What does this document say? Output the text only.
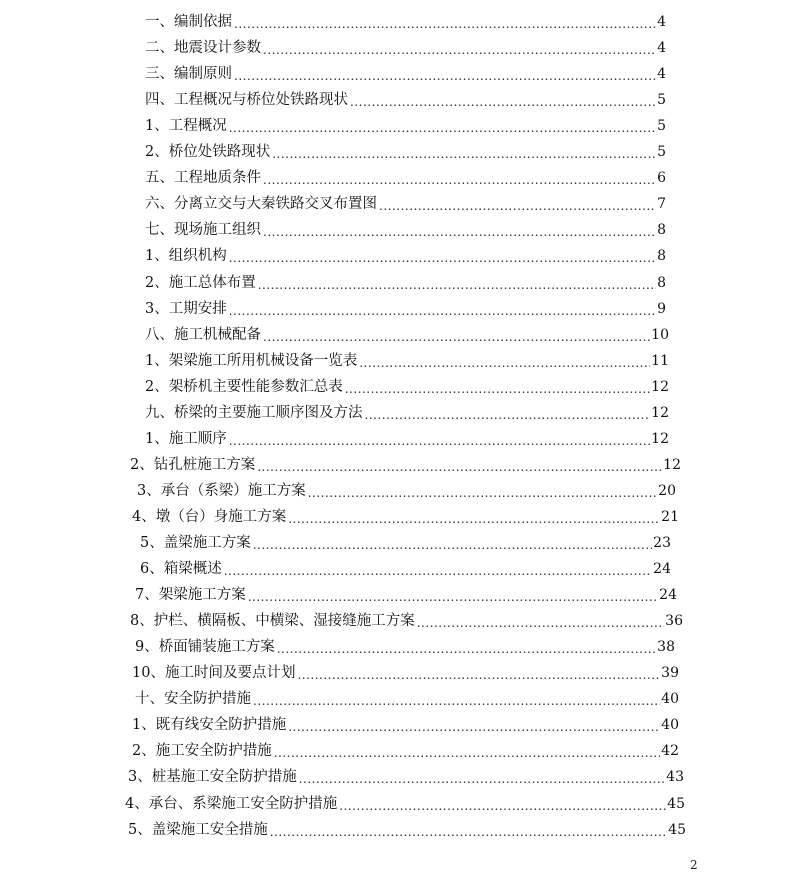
一、编制依据 .....	4
二、地震设计参数 .....	4
三、编制原则 .....	4
四、工程概况与桥位处铁路现状 .....	5
1、工程概况 .....	5
2、桥位处铁路现状 .....	5
五、工程地质条件 .....	6
六、分离立交与大秦铁路交叉布置图 .....	7
七、现场施工组织 .....	8
1、组织机构 .....	8
2、施工总体布置 .....	8
3、工期安排 .....	9
八、施工机械配备 .....	10
1、架梁施工所用机械设备一览表 .....	11
2、架桥机主要性能参数汇总表 .....	12
九、桥梁的主要施工顺序图及方法 .....	12
1、施工顺序 .....	12
2、钻孔桩施工方案 .....	12
3、承台（系梁）施工方案 .....	20
4、墩（台）身施工方案 .....	21
5、盖梁施工方案 .....	23
6、箱梁概述 .....	24
7、架梁施工方案 .....	24
8、护栏、横隔板、中横梁、湿接缝施工方案 .....	36
9、桥面铺装施工方案 .....	38
10、施工时间及要点计划 .....	39
十、安全防护措施 .....	40
1、既有线安全防护措施 .....	40
2、施工安全防护措施 .....	42
3、桩基施工安全防护措施 .....	43
4、承台、系梁施工安全防护措施 .....	45
5、盖梁施工安全措施 .....	45
2
